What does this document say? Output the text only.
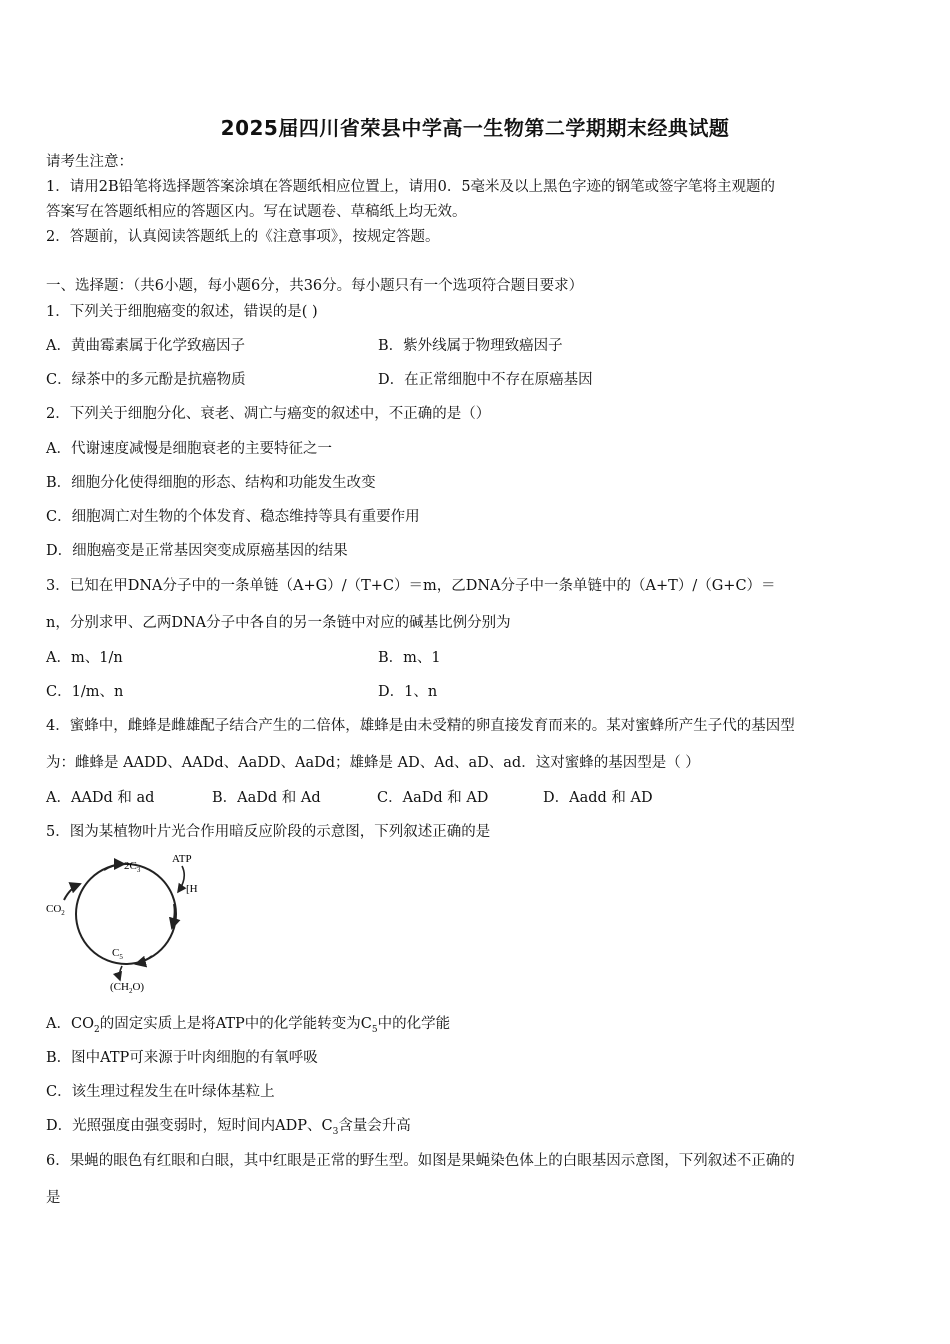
2025届四川省荣县中学高一生物第二学期期末经典试题
请考生注意：
1．请用2B铅笔将选择题答案涂填在答题纸相应位置上，请用0．5毫米及以上黑色字迹的钢笔或签字笔将主观题的
答案写在答题纸相应的答题区内。写在试题卷、草稿纸上均无效。
2．答题前，认真阅读答题纸上的《注意事项》，按规定答题。
一、选择题：（共6小题，每小题6分，共36分。每小题只有一个选项符合题目要求）
1．下列关于细胞癌变的叙述，错误的是( )
A．黄曲霉素属于化学致癌因子	B．紫外线属于物理致癌因子
C．绿茶中的多元酚是抗癌物质	D．在正常细胞中不存在原癌基因
2．下列关于细胞分化、衰老、凋亡与癌变的叙述中，不正确的是（）
A．代谢速度减慢是细胞衰老的主要特征之一
B．细胞分化使得细胞的形态、结构和功能发生改变
C．细胞凋亡对生物的个体发育、稳态维持等具有重要作用
D．细胞癌变是正常基因突变成原癌基因的结果
3．已知在甲DNA分子中的一条单链（A+G）/（T+C）＝m，乙DNA分子中一条单链中的（A+T）/（G+C）＝
n，分别求甲、乙两DNA分子中各自的另一条链中对应的碱基比例分别为
A．m、1/n	B．m、1
C．1/m、n	D．1、n
4．蜜蜂中，雌蜂是雌雄配子结合产生的二倍体，雄蜂是由未受精的卵直接发育而来的。某对蜜蜂所产生子代的基因型
为：雌蜂是 AADD、AADd、AaDD、AaDd；雄蜂是 AD、Ad、aD、ad．这对蜜蜂的基因型是（ ）
A．AADd 和 ad	B．AaDd 和 Ad	C．AaDd 和 AD	D．Aadd 和 AD
5．图为某植物叶片光合作用暗反应阶段的示意图，下列叙述正确的是
$2C_3$
ATP
[H
$CO_2$
$C_5$
$(CH_2O)$
A．$CO_2$的固定实质上是将ATP中的化学能转变为$C_5$中的化学能
B．图中ATP可来源于叶肉细胞的有氧呼吸
C．该生理过程发生在叶绿体基粒上
D．光照强度由强变弱时，短时间内ADP、$C_3$含量会升高
6．果蝇的眼色有红眼和白眼，其中红眼是正常的野生型。如图是果蝇染色体上的白眼基因示意图，下列叙述不正确的
是
